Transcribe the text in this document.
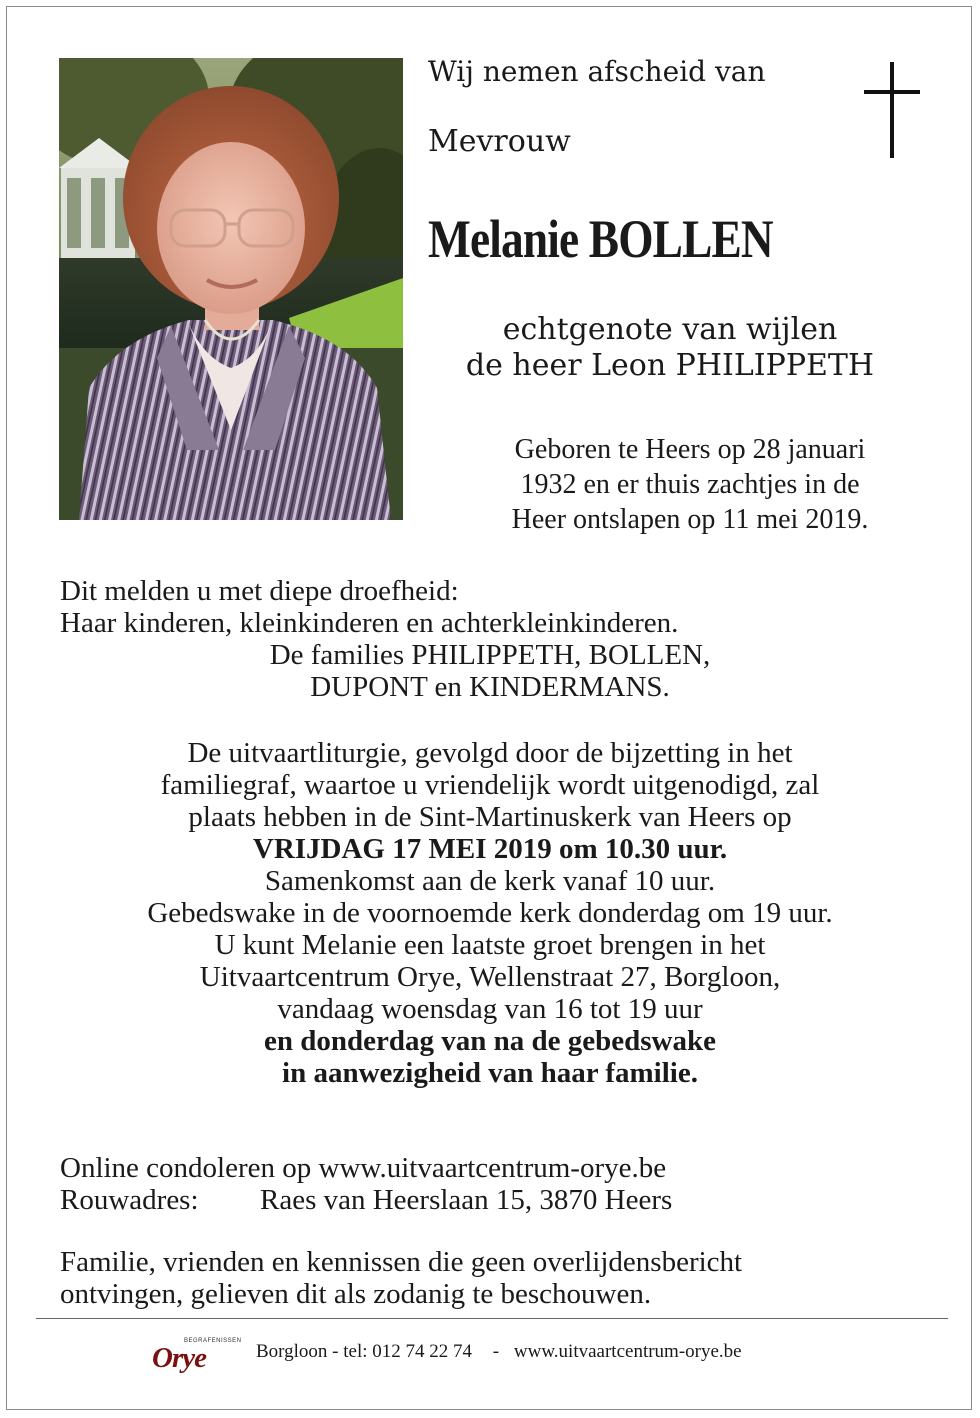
Wij nemen afscheid van
Mevrouw
Melanie BOLLEN
echtgenote van wijlen
de heer Leon PHILIPPETH
Geboren te Heers op 28 januari
1932 en er thuis zachtjes in de
Heer ontslapen op 11 mei 2019.
Dit melden u met diepe droefheid:
Haar kinderen, kleinkinderen en achterkleinkinderen.
De families PHILIPPETH, BOLLEN,
DUPONT en KINDERMANS.
De uitvaartliturgie, gevolgd door de bijzetting in het
familiegraf, waartoe u vriendelijk wordt uitgenodigd, zal
plaats hebben in de Sint-Martinuskerk van Heers op
VRIJDAG 17 MEI 2019 om 10.30 uur.
Samenkomst aan de kerk vanaf 10 uur.
Gebedswake in de voornoemde kerk donderdag om 19 uur.
U kunt Melanie een laatste groet brengen in het
Uitvaartcentrum Orye, Wellenstraat 27, Borgloon,
vandaag woensdag van 16 tot 19 uur
en donderdag van na de gebedswake
in aanwezigheid van haar familie.
Online condoleren op www.uitvaartcentrum-orye.be
Rouwadres: Raes van Heerslaan 15, 3870 Heers
Familie, vrienden en kennissen die geen overlijdensbericht
ontvingen, gelieven dit als zodanig te beschouwen.
BEGRAFENISSEN
Orye	Borgloon - tel: 012 74 22 74 - www.uitvaartcentrum-orye.be
